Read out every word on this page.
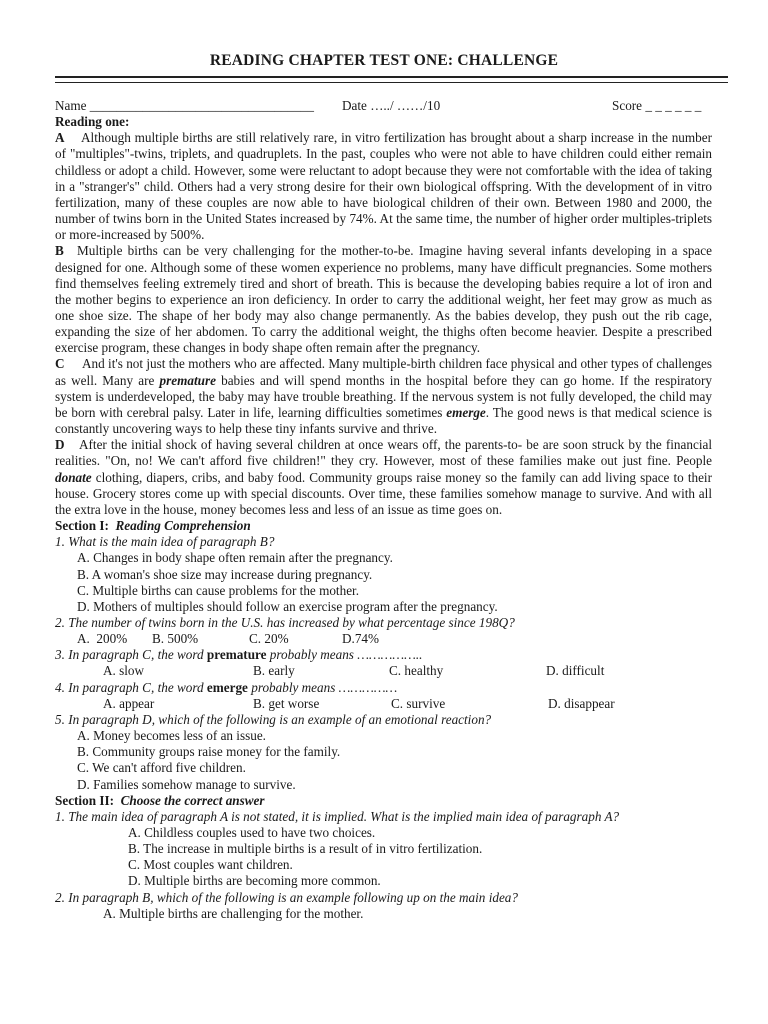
READING CHAPTER TEST ONE: CHALLENGE
Name __________________________________ Date …../ ……/10	Score _ _ _ _ _ _
Reading one:
A Although multiple births are still relatively rare, in vitro fertilization has brought about a sharp increase in the number of "multiples"-twins, triplets, and quadruplets. In the past, couples who were not able to have children could either remain childless or adopt a child. However, some were reluctant to adopt because they were not comfortable with the idea of taking in a "stranger's" child. Others had a very strong desire for their own biological offspring. With the development of in vitro fertilization, many of these couples are now able to have biological children of their own. Between 1980 and 2000, the number of twins born in the United States increased by 74%. At the same time, the number of higher order multiples-triplets or more-increased by 500%.
B Multiple births can be very challenging for the mother-to-be. Imagine having several infants developing in a space designed for one. Although some of these women experience no problems, many have difficult pregnancies. Some mothers find themselves feeling extremely tired and short of breath. This is because the developing babies require a lot of iron and the mother begins to experience an iron deficiency. In order to carry the additional weight, her feet may grow as much as one shoe size. The shape of her body may also change permanently. As the babies develop, they push out the rib cage, expanding the size of her abdomen. To carry the additional weight, the thighs often become heavier. Despite a prescribed exercise program, these changes in body shape often remain after the pregnancy.
C And it's not just the mothers who are affected. Many multiple-birth children face physical and other types of challenges as well. Many are premature babies and will spend months in the hospital before they can go home. If the respiratory system is underdeveloped, the baby may have trouble breathing. If the nervous system is not fully developed, the child may be born with cerebral palsy. Later in life, learning difficulties sometimes emerge. The good news is that medical science is constantly uncovering ways to help these tiny infants survive and thrive.
D After the initial shock of having several children at once wears off, the parents-to- be are soon struck by the financial realities. "On, no! We can't afford five children!" they cry. However, most of these families make out just fine. People donate clothing, diapers, cribs, and baby food. Community groups raise money so the family can add living space to their house. Grocery stores come up with special discounts. Over time, these families somehow manage to survive. And with all the extra love in the house, money becomes less and less of an issue as time goes on.
Section I: Reading Comprehension
1. What is the main idea of paragraph B?
A. Changes in body shape often remain after the pregnancy.
B. A woman's shoe size may increase during pregnancy.
C. Multiple births can cause problems for the mother.
D. Mothers of multiples should follow an exercise program after the pregnancy.
2. The number of twins born in the U.S. has increased by what percentage since 198Q?
A.  200% B. 500%	C. 20%	D.74%
3. In paragraph C, the word premature probably means ……………..
A. slow	B. early	C. healthy	D. difficult
4. In paragraph C, the word emerge probably means ……………
A. appear	B. get worse	C. survive	D. disappear
5. In paragraph D, which of the following is an example of an emotional reaction?
A. Money becomes less of an issue.
B. Community groups raise money for the family.
C. We can't afford five children.
D. Families somehow manage to survive.
Section II: Choose the correct answer
1. The main idea of paragraph A is not stated, it is implied. What is the implied main idea of paragraph A?
A. Childless couples used to have two choices.
B. The increase in multiple births is a result of in vitro fertilization.
C. Most couples want children.
D. Multiple births are becoming more common.
2. In paragraph B, which of the following is an example following up on the main idea?
A. Multiple births are challenging for the mother.
